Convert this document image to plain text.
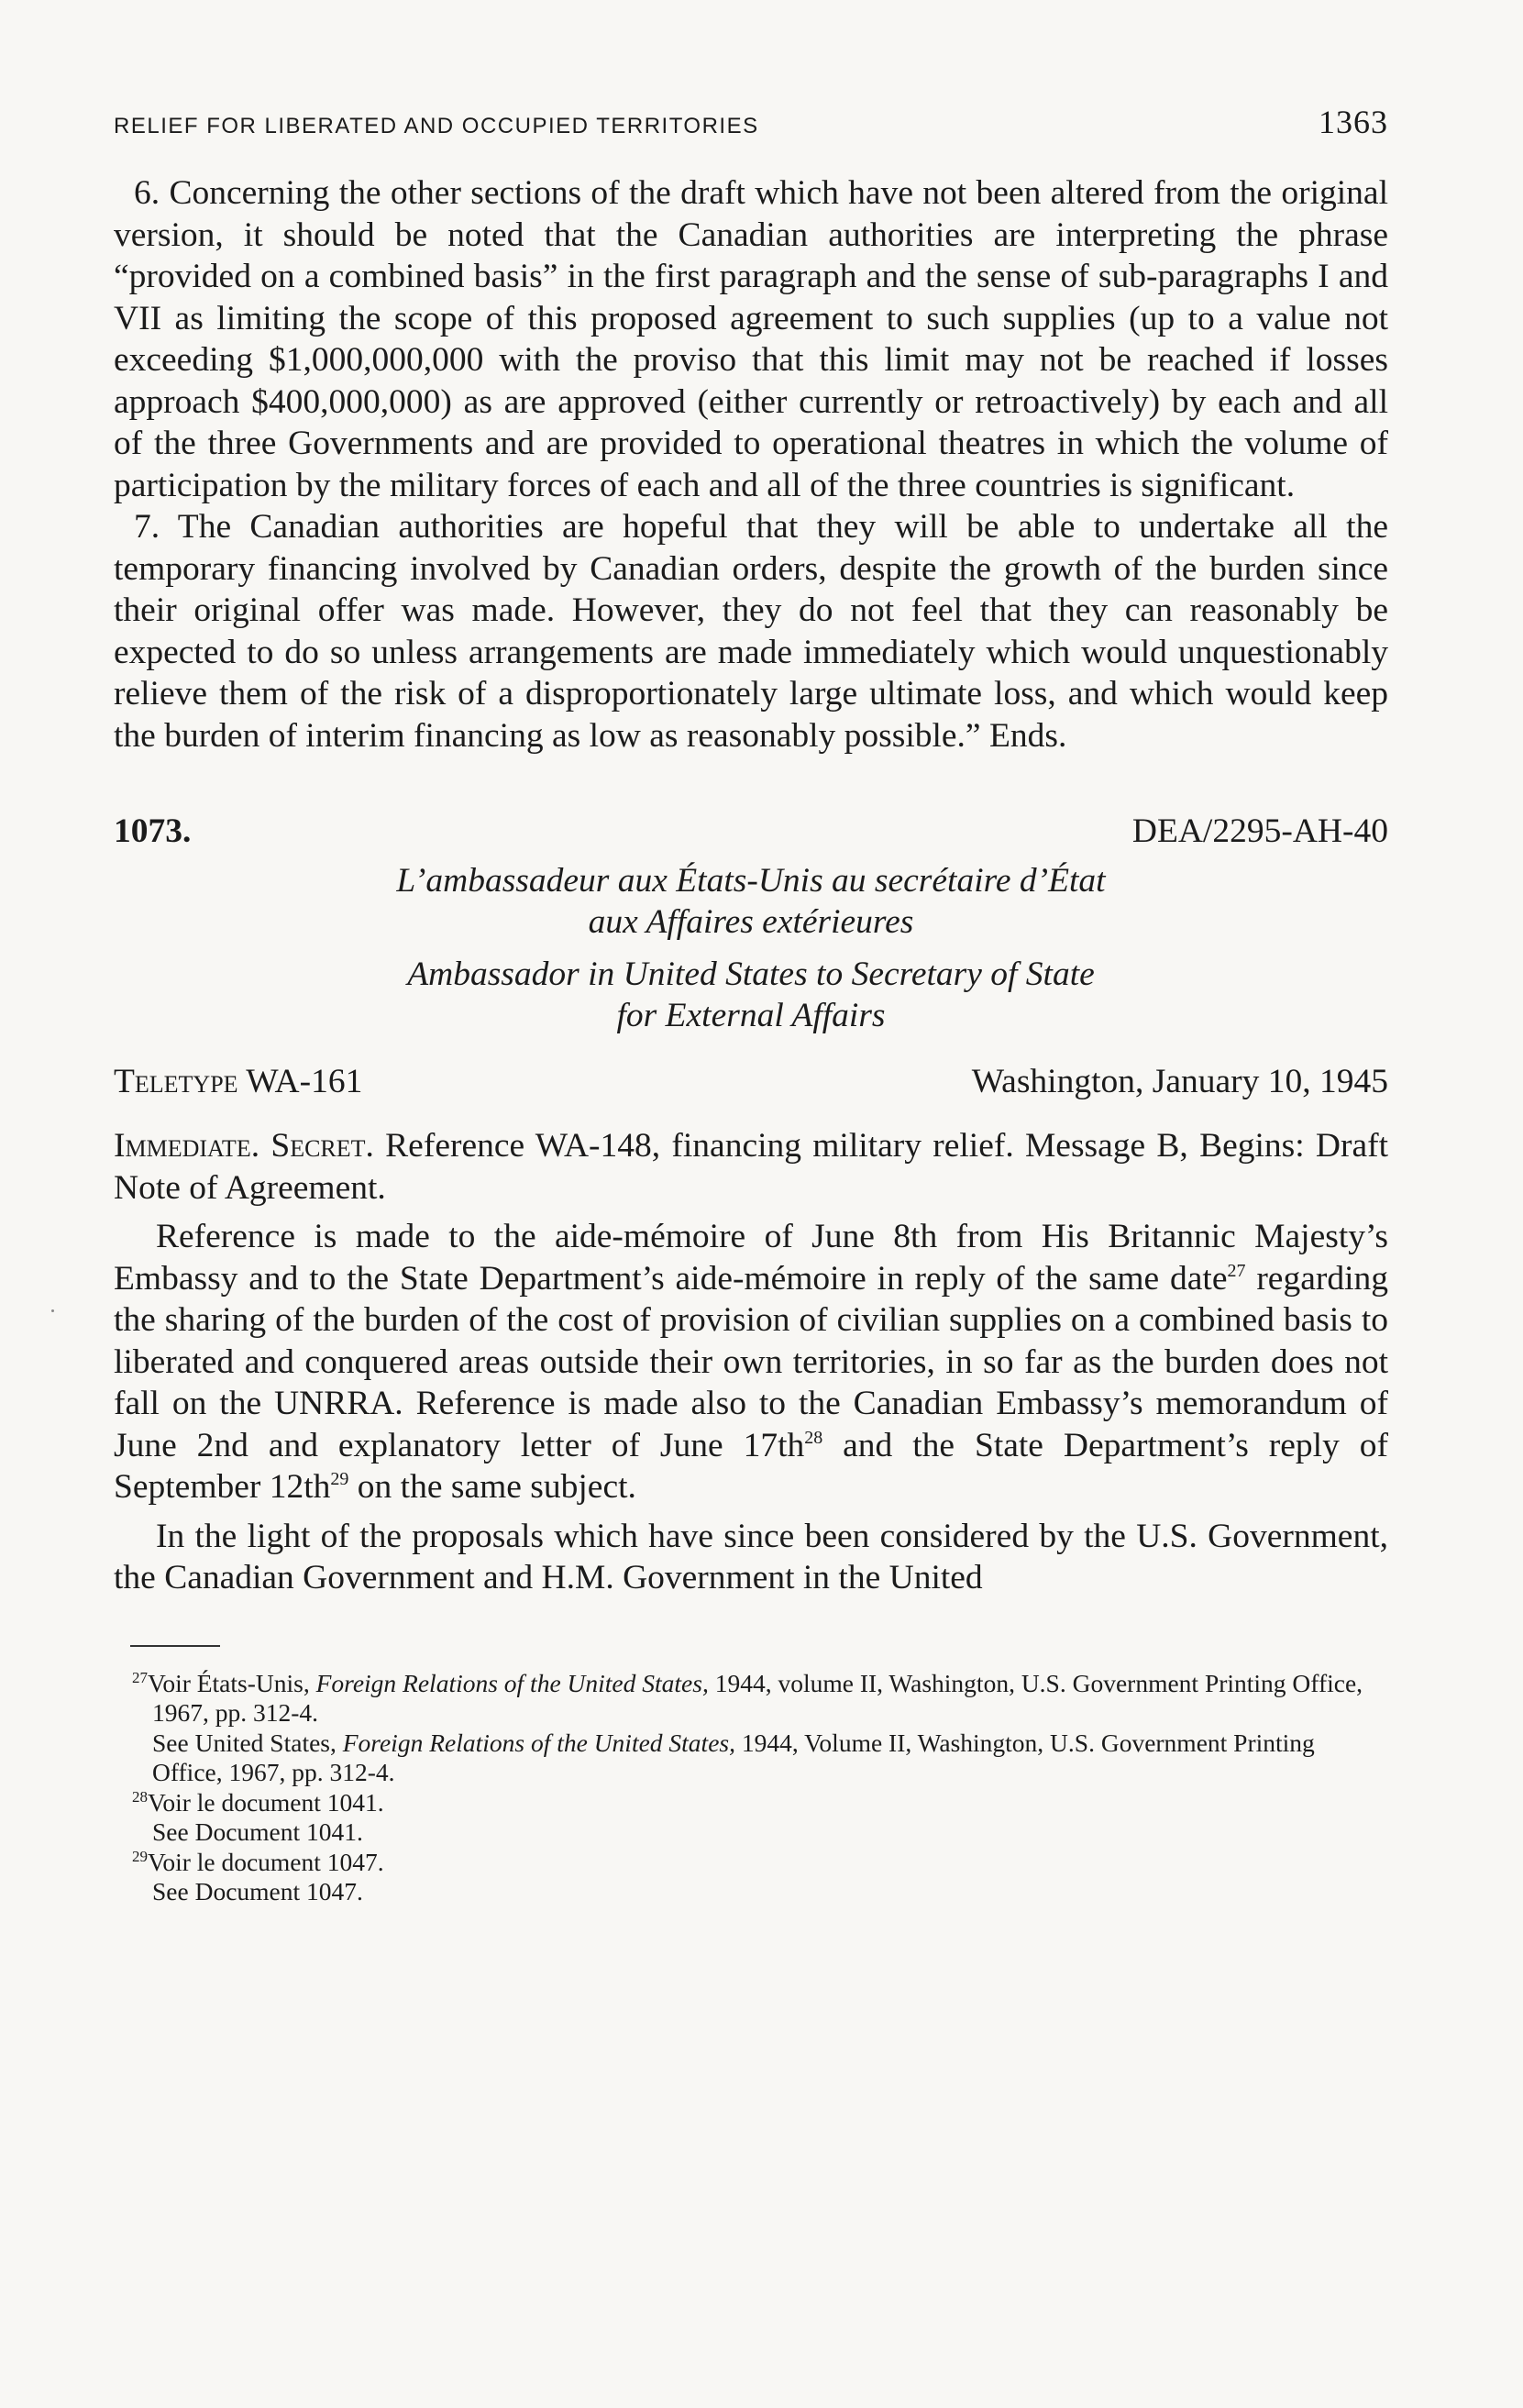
RELIEF FOR LIBERATED AND OCCUPIED TERRITORIES	1363

6. Concerning the other sections of the draft which have not been altered from the original version, it should be noted that the Canadian authorities are interpreting the phrase “provided on a combined basis” in the first paragraph and the sense of sub-paragraphs I and VII as limiting the scope of this proposed agreement to such supplies (up to a value not exceeding $1,000,000,000 with the proviso that this limit may not be reached if losses approach $400,000,000) as are approved (either currently or retroactively) by each and all of the three Governments and are provided to operational theatres in which the volume of participation by the military forces of each and all of the three countries is significant.

7. The Canadian authorities are hopeful that they will be able to undertake all the temporary financing involved by Canadian orders, despite the growth of the burden since their original offer was made. However, they do not feel that they can reasonably be expected to do so unless arrangements are made immediately which would unquestionably relieve them of the risk of a disproportionately large ultimate loss, and which would keep the burden of interim financing as low as reasonably possible.” Ends.

1073.	DEA/2295-AH-40
L’ambassadeur aux États-Unis au secrétaire d’État
aux Affaires extérieures
Ambassador in United States to Secretary of State
for External Affairs
Teletype WA-161	Washington, January 10, 1945

Immediate. Secret. Reference WA-148, financing military relief. Message B, Begins: Draft Note of Agreement.

Reference is made to the aide-mémoire of June 8th from His Britannic Majesty’s Embassy and to the State Department’s aide-mémoire in reply of the same date$^{27}$ regarding the sharing of the burden of the cost of provision of civilian supplies on a combined basis to liberated and conquered areas outside their own territories, in so far as the burden does not fall on the UNRRA. Reference is made also to the Canadian Embassy’s memorandum of June 2nd and explanatory letter of June $17th^{28}$ and the State Department’s reply of September $12th^{29}$ on the same subject.

In the light of the proposals which have since been considered by the U.S. Government, the Canadian Government and H.M. Government in the United

$^{27}$Voir États-Unis, Foreign Relations of the United States, 1944, volume II, Washington, U.S. Government Printing Office, 1967, pp. 312-4.
See United States, Foreign Relations of the United States, 1944, Volume II, Washington, U.S. Government Printing Office, 1967, pp. 312-4.
$^{28}$Voir le document 1041.
See Document 1041.
$^{29}$Voir le document 1047.
See Document 1047.
